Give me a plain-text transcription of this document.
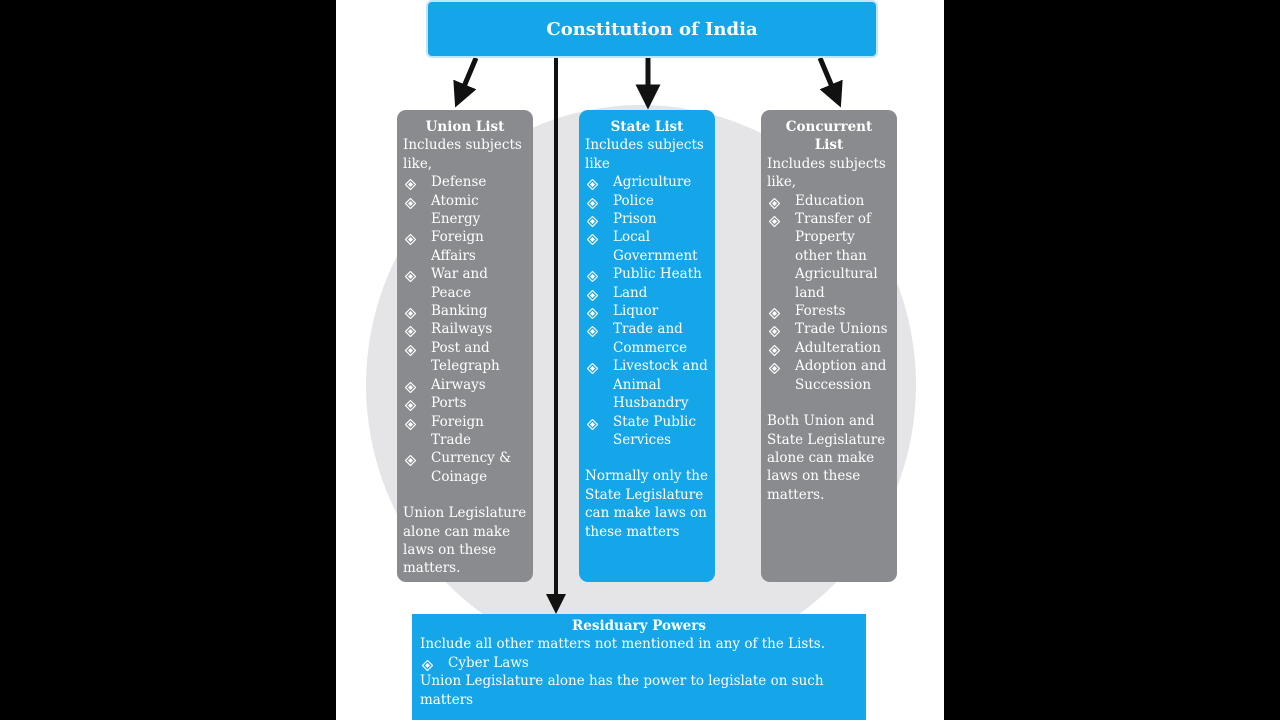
Constitution of India
Union List

Includes subjects like,

Defense
Atomic Energy
Foreign Affairs
War and Peace
Banking
Railways
Post and Telegraph
Airways
Ports
Foreign Trade
Currency & Coinage
Union Legislature alone can make laws on these matters.
State List

Includes subjects like

Agriculture
Police
Prison
Local Government
Public Heath
Land
Liquor
Trade and Commerce
Livestock and Animal Husbandry
State Public Services
Normally only the State Legislature can make laws on these matters
Concurrent List

Includes subjects like,

Education
Transfer of Property other than Agricultural land
Forests
Trade Unions
Adulteration
Adoption and Succession
Both Union and State Legislature alone can make laws on these matters.
Residuary Powers
Include all other matters not mentioned in any of the Lists.
Cyber Laws
Union Legislature alone has the power to legislate on such matters
